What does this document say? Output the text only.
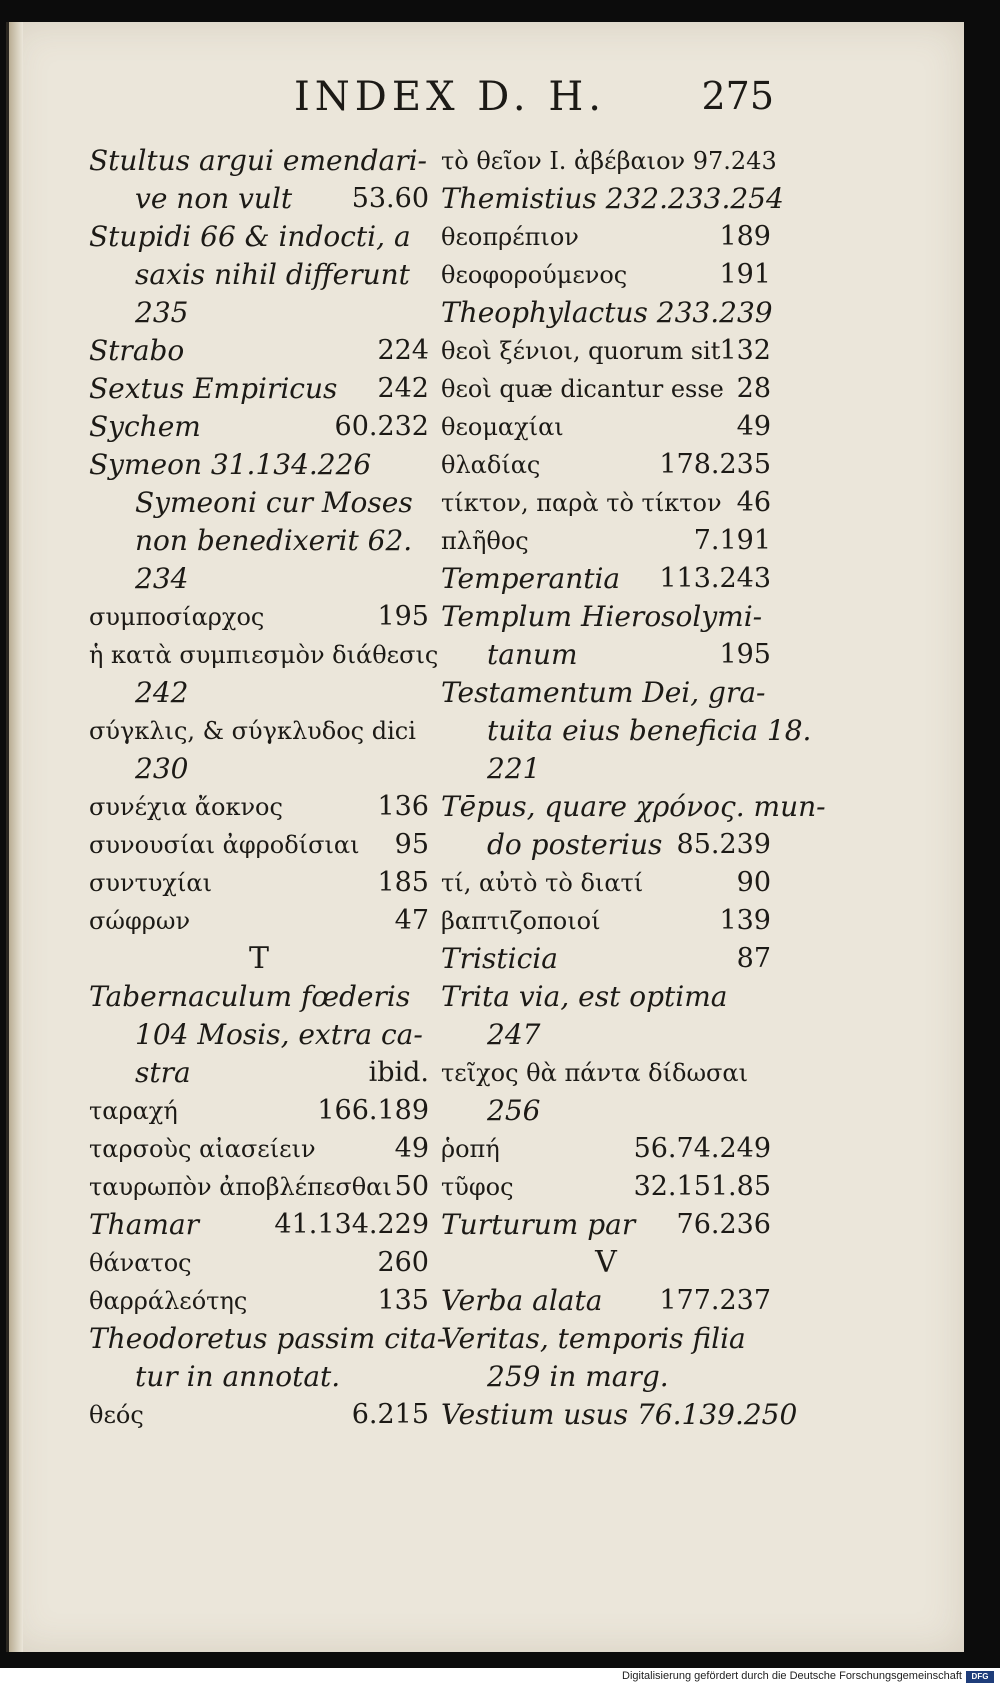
INDEX D. H.	275
Stultus argui emendari-
ve non vult 53.60
Stupidi 66 & indocti, a
saxis nihil differunt
235
Strabo	224
Sextus Empiricus 242
Sychem	60.232
Symeon 31.134.226
Symeoni cur Moses
non benedixerit 62.
234
συμποσίαρχος	195
ἡ κατὰ συμπιεσμὸν διάθεσις
242
σύγκλις, & σύγκλυδος dici
230
συνέχια ἄοκνος	136
συνουσίαι ἀφροδίσιαι 95
συντυχίαι	185
σώφρων	47
T
Tabernaculum fœderis
104 Mosis, extra ca-
stra	ibid.
ταραχή	166.189
ταρσοὺς αἰασείειν	49
ταυρωπὸν ἀποβλέπεσθαι 50
Thamar	41.134.229
θάνατος	260
θαρράλεότης	135
Theodoretus passim cita-
tur in annotat.
θεός	6.215
τὸ θεῖον I. ἀβέβαιον 97.243
Themistius 232.233.254
θεοπρέπιον	189
θεοφορούμενος	191
Theophylactus 233.239
θεοὶ ξένιοι, quorum sit 132
θεοὶ quæ dicantur esse 28
θεομαχίαι	49
θλαδίας	178.235
τίκτον, παρὰ τὸ τίκτον 46
πλῆθος	7.191
Temperantia 113.243
Templum Hierosolymi-
tanum	195
Testamentum Dei, gra-
tuita eius beneficia 18.
221
Tēpus, quare χρόνος. mun-
do posterius 85.239
τί, αὐτὸ τὸ διατί	90
βαπτιζοποιοί	139
Tristicia	87
Trita via, est optima
247
τεῖχος θὰ πάντα δίδωσαι
256
ῥοπή	56.74.249
τῦφος	32.151.85
Turturum par 76.236
V
Verba alata 177.237
Veritas, temporis filia
259 in marg.
Vestium usus 76.139.250
Digitalisierung gefördert durch die Deutsche Forschungsgemeinschaft	DFG
